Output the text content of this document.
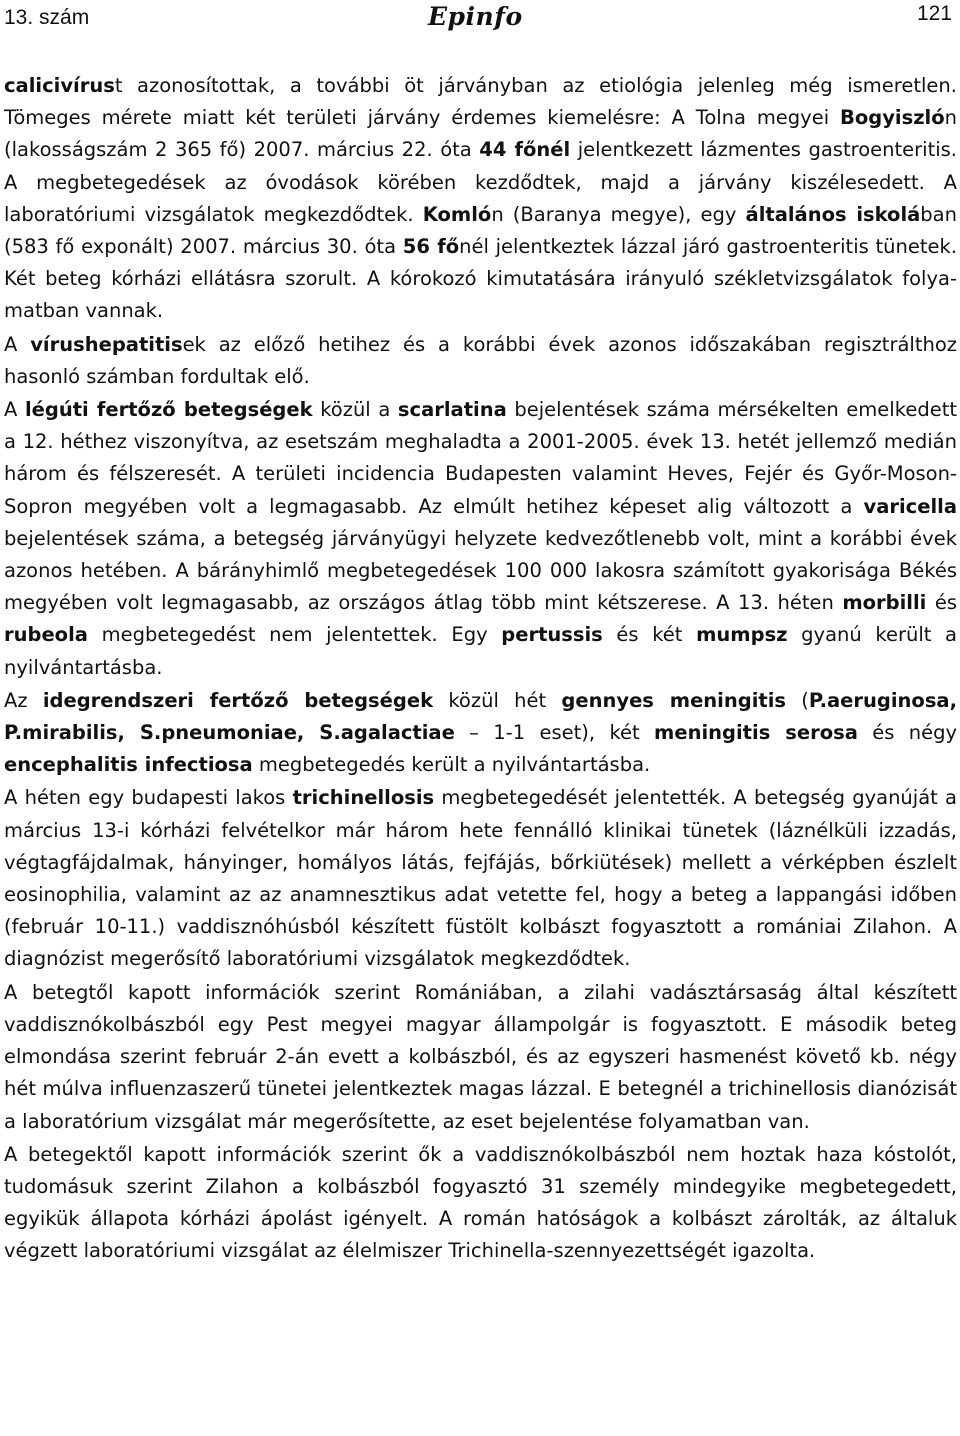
13. szám	Epinfo	121

calicivírust azonosítottak, a további öt járványban az etiológia jelenleg még ismeretlen. Tömeges mérete miatt két területi járvány érdemes kiemelésre: A Tolna megyei Bogyiszlón (lakosságszám 2 365 fő) 2007. március 22. óta 44 főnél jelentkezett lázmentes gastroenteritis. A megbetegedések az óvodások körében kezdődtek, majd a járvány kiszélesedett. A laboratóriumi vizsgálatok megkezdődtek. Komlón (Baranya megye), egy általános iskolában (583 fő exponált) 2007. március 30. óta 56 főnél jelentkeztek lázzal járó gastroenteritis tünetek. Két beteg kórházi ellátásra szorult. A kórokozó kimutatására irányuló székletvizsgálatok folyamatban vannak.

A vírushepatitisek az előző hetihez és a korábbi évek azonos időszakában regisztrálthoz hasonló számban fordultak elő.

A légúti fertőző betegségek közül a scarlatina bejelentések száma mérsékelten emelkedett a 12. héthez viszonyítva, az esetszám meghaladta a 2001-2005. évek 13. hetét jellemző medián három és félszeresét. A területi incidencia Budapesten valamint Heves, Fejér és Győr-Moson-Sopron megyében volt a legmagasabb. Az elmúlt hetihez képeset alig változott a varicella bejelentések száma, a betegség járványügyi helyzete kedvezőtlenebb volt, mint a korábbi évek azonos hetében. A bárányhimlő megbetegedések 100 000 lakosra számított gyakorisága Békés megyében volt legmagasabb, az országos átlag több mint kétszerese. A 13. héten morbilli és rubeola megbetegedést nem jelentettek. Egy pertussis és két mumpsz gyanú került a nyilvántartásba.

Az idegrendszeri fertőző betegségek közül hét gennyes meningitis (P.aeruginosa, P.mirabilis, S.pneumoniae, S.agalactiae – 1-1 eset), két meningitis serosa és négy encephalitis infectiosa megbetegedés került a nyilvántartásba.

A héten egy budapesti lakos trichinellosis megbetegedését jelentették. A betegség gyanúját a március 13-i kórházi felvételkor már három hete fennálló klinikai tünetek (láznélküli izzadás, végtagfájdalmak, hányinger, homályos látás, fejfájás, bőrkiütések) mellett a vérképben észlelt eosinophilia, valamint az az anamnesztikus adat vetette fel, hogy a beteg a lappangási időben (február 10-11.) vaddisznóhúsból készített füstölt kolbászt fogyasztott a romániai Zilahon. A diagnózist megerősítő laboratóriumi vizsgálatok megkezdődtek.

A betegtől kapott információk szerint Romániában, a zilahi vadásztársaság által készített vaddisznókolbászból egy Pest megyei magyar állampolgár is fogyasztott. E második beteg elmondása szerint február 2-án evett a kolbászból, és az egyszeri hasmenést követő kb. négy hét múlva influenzaszerű tünetei jelentkeztek magas lázzal. E betegnél a trichinellosis dianózisát a laboratórium vizsgálat már megerősítette, az eset bejelentése folyamatban van.

A betegektől kapott információk szerint ők a vaddisznókolbászból nem hoztak haza kóstolót, tudomásuk szerint Zilahon a kolbászból fogyasztó 31 személy mindegyike megbetegedett, egyikük állapota kórházi ápolást igényelt. A román hatóságok a kolbászt zárolták, az általuk végzett laboratóriumi vizsgálat az élelmiszer Trichinella-szennyezettségét igazolta.
